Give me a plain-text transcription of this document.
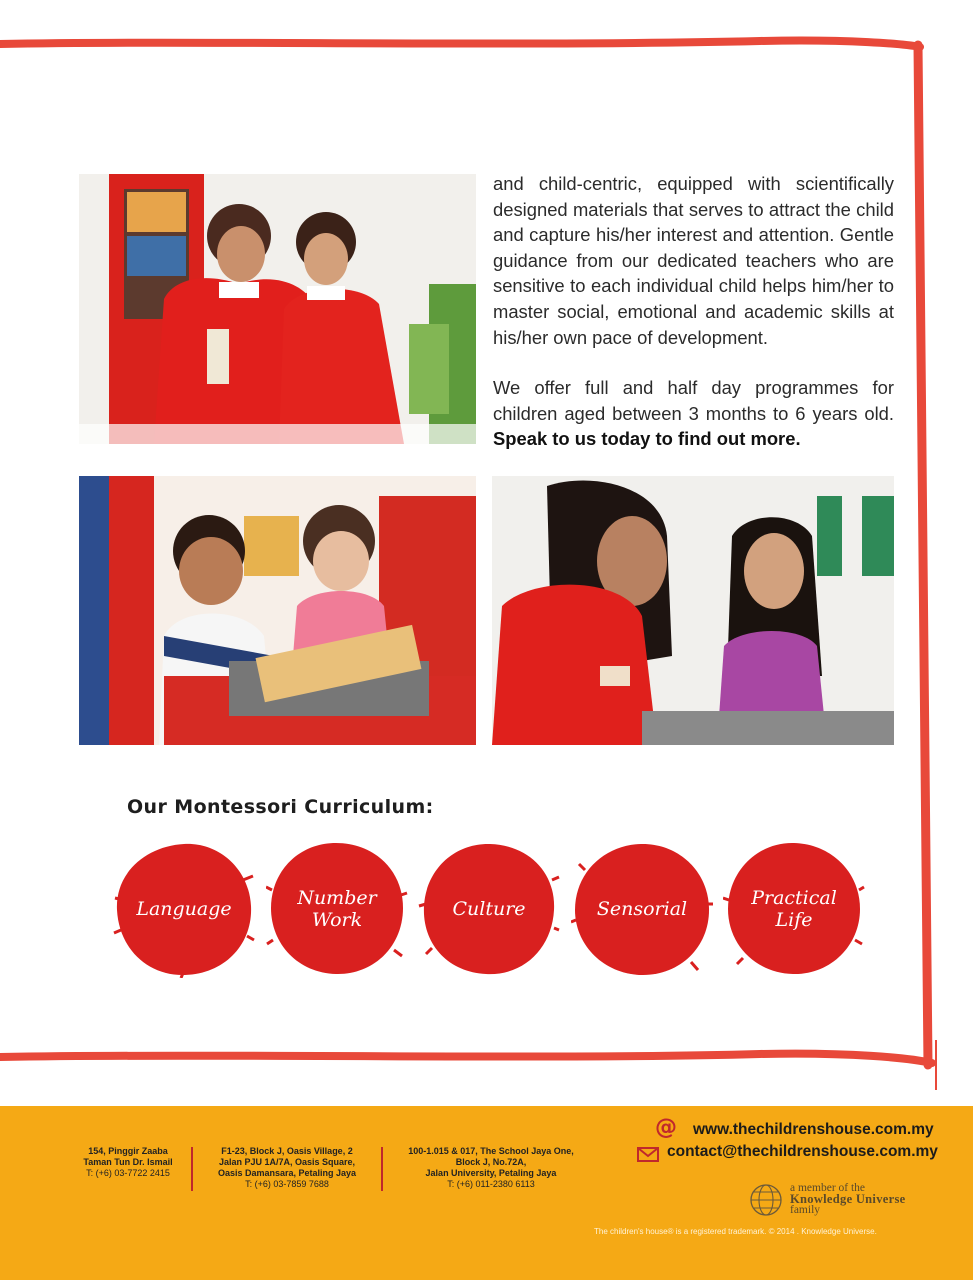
and child-centric, equipped with scientifically designed materials that serves to attract the child and capture his/her interest and attention. Gentle guidance from our dedicated teachers who are sensitive to each individual child helps him/her to master social, emotional and academic skills at his/her own pace of development.

We offer full and half day programmes for children aged between 3 months to 6 years old. Speak to us today to find out more.

Our Montessori Curriculum:
Language	Number
Work	Culture	Sensorial	Practical
Life
154, Pinggir Zaaba
Taman Tun Dr. Ismail
T: (+6) 03-7722 2415
F1-23, Block J, Oasis Village, 2
Jalan PJU 1A/7A, Oasis Square,
Oasis Damansara, Petaling Jaya
T: (+6) 03-7859 7688
100-1.015 & 017, The School Jaya One,
Block J, No.72A,
Jalan University, Petaling Jaya
T: (+6) 011-2380 6113
@ www.thechildrenshouse.com.my
contact@thechildrenshouse.com.my
a member of the
Knowledge Universe
family
The children's house® is a registered trademark. © 2014 . Knowledge Universe.
